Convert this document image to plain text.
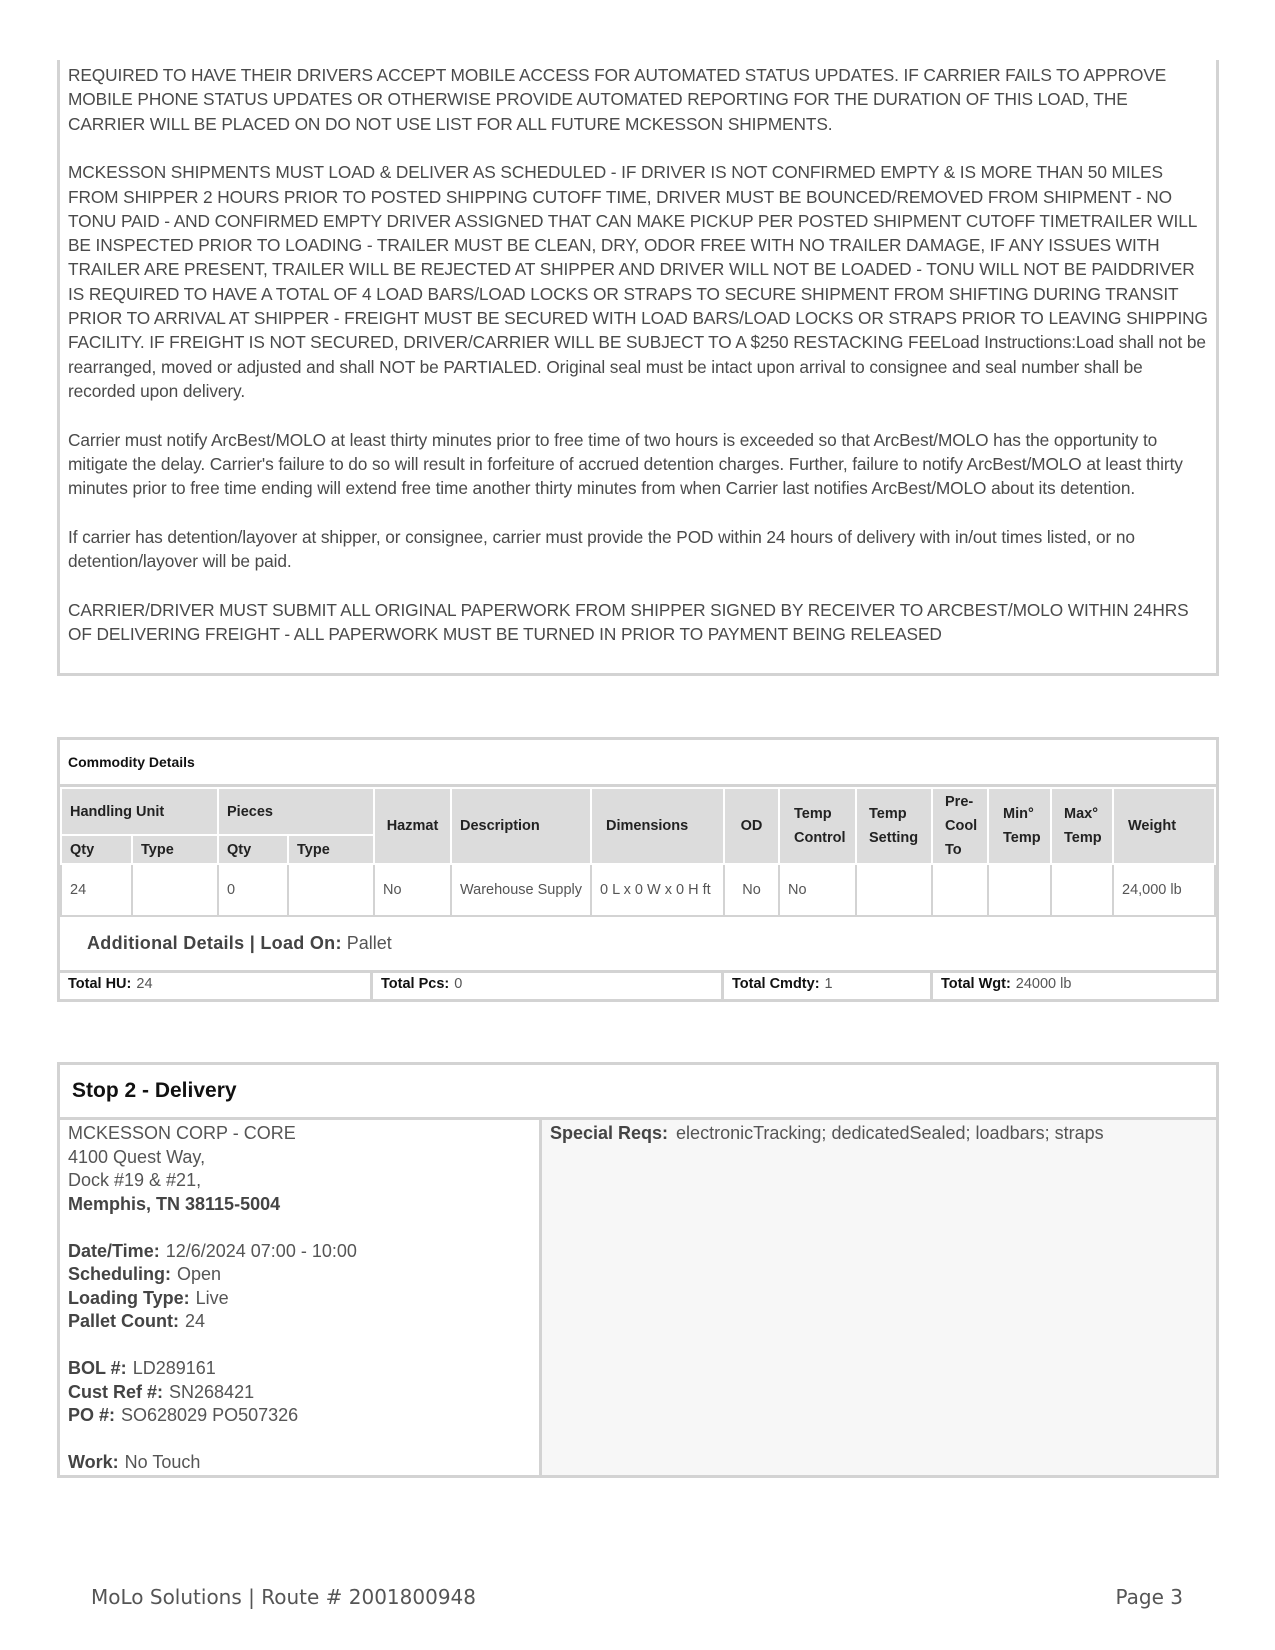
REQUIRED TO HAVE THEIR DRIVERS ACCEPT MOBILE ACCESS FOR AUTOMATED STATUS UPDATES. IF CARRIER FAILS TO APPROVE MOBILE PHONE STATUS UPDATES OR OTHERWISE PROVIDE AUTOMATED REPORTING FOR THE DURATION OF THIS LOAD, THE CARRIER WILL BE PLACED ON DO NOT USE LIST FOR ALL FUTURE MCKESSON SHIPMENTS.

MCKESSON SHIPMENTS MUST LOAD & DELIVER AS SCHEDULED - IF DRIVER IS NOT CONFIRMED EMPTY & IS MORE THAN 50 MILES FROM SHIPPER 2 HOURS PRIOR TO POSTED SHIPPING CUTOFF TIME, DRIVER MUST BE BOUNCED/REMOVED FROM SHIPMENT - NO TONU PAID - AND CONFIRMED EMPTY DRIVER ASSIGNED THAT CAN MAKE PICKUP PER POSTED SHIPMENT CUTOFF TIMETRAILER WILL BE INSPECTED PRIOR TO LOADING - TRAILER MUST BE CLEAN, DRY, ODOR FREE WITH NO TRAILER DAMAGE, IF ANY ISSUES WITH TRAILER ARE PRESENT, TRAILER WILL BE REJECTED AT SHIPPER AND DRIVER WILL NOT BE LOADED - TONU WILL NOT BE PAIDDRIVER IS REQUIRED TO HAVE A TOTAL OF 4 LOAD BARS/LOAD LOCKS OR STRAPS TO SECURE SHIPMENT FROM SHIFTING DURING TRANSIT PRIOR TO ARRIVAL AT SHIPPER - FREIGHT MUST BE SECURED WITH LOAD BARS/LOAD LOCKS OR STRAPS PRIOR TO LEAVING SHIPPING FACILITY. IF FREIGHT IS NOT SECURED, DRIVER/CARRIER WILL BE SUBJECT TO A $250 RESTACKING FEELoad Instructions:Load shall not be rearranged, moved or adjusted and shall NOT be PARTIALED. Original seal must be intact upon arrival to consignee and seal number shall be recorded upon delivery.

Carrier must notify ArcBest/MOLO at least thirty minutes prior to free time of two hours is exceeded so that ArcBest/MOLO has the opportunity to mitigate the delay. Carrier's failure to do so will result in forfeiture of accrued detention charges. Further, failure to notify ArcBest/MOLO at least thirty minutes prior to free time ending will extend free time another thirty minutes from when Carrier last notifies ArcBest/MOLO about its detention.

If carrier has detention/layover at shipper, or consignee, carrier must provide the POD within 24 hours of delivery with in/out times listed, or no detention/layover will be paid.

CARRIER/DRIVER MUST SUBMIT ALL ORIGINAL PAPERWORK FROM SHIPPER SIGNED BY RECEIVER TO ARCBEST/MOLO WITHIN 24HRS OF DELIVERING FREIGHT - ALL PAPERWORK MUST BE TURNED IN PRIOR TO PAYMENT BEING RELEASED

Commodity Details
Handling Unit		Pieces		Hazmat	Description	Dimensions	OD	Temp Control	Temp Setting	Pre-Cool To	Min° Temp	Max° Temp	Weight
Qty	Type	Qty	Type										
24		0		No	Warehouse Supply	0 L x 0 W x 0 H ft	No	No					24,000 lb
Additional Details | Load On: Pallet
Total HU: 24	Total Pcs: 0	Total Cmdty: 1	Total Wgt: 24000 lb
Stop 2 - Delivery
MCKESSON CORP - CORE
4100 Quest Way,
Dock #19 & #21,
Memphis, TN 38115-5004
Date/Time: 12/6/2024 07:00 - 10:00
Scheduling: Open
Loading Type: Live
Pallet Count: 24
BOL #: LD289161
Cust Ref #: SN268421
PO #: SO628029 PO507326
Work: No Touch
Special Reqs: electronicTracking; dedicatedSealed; loadbars; straps
MoLo Solutions | Route # 2001800948	Page 3
